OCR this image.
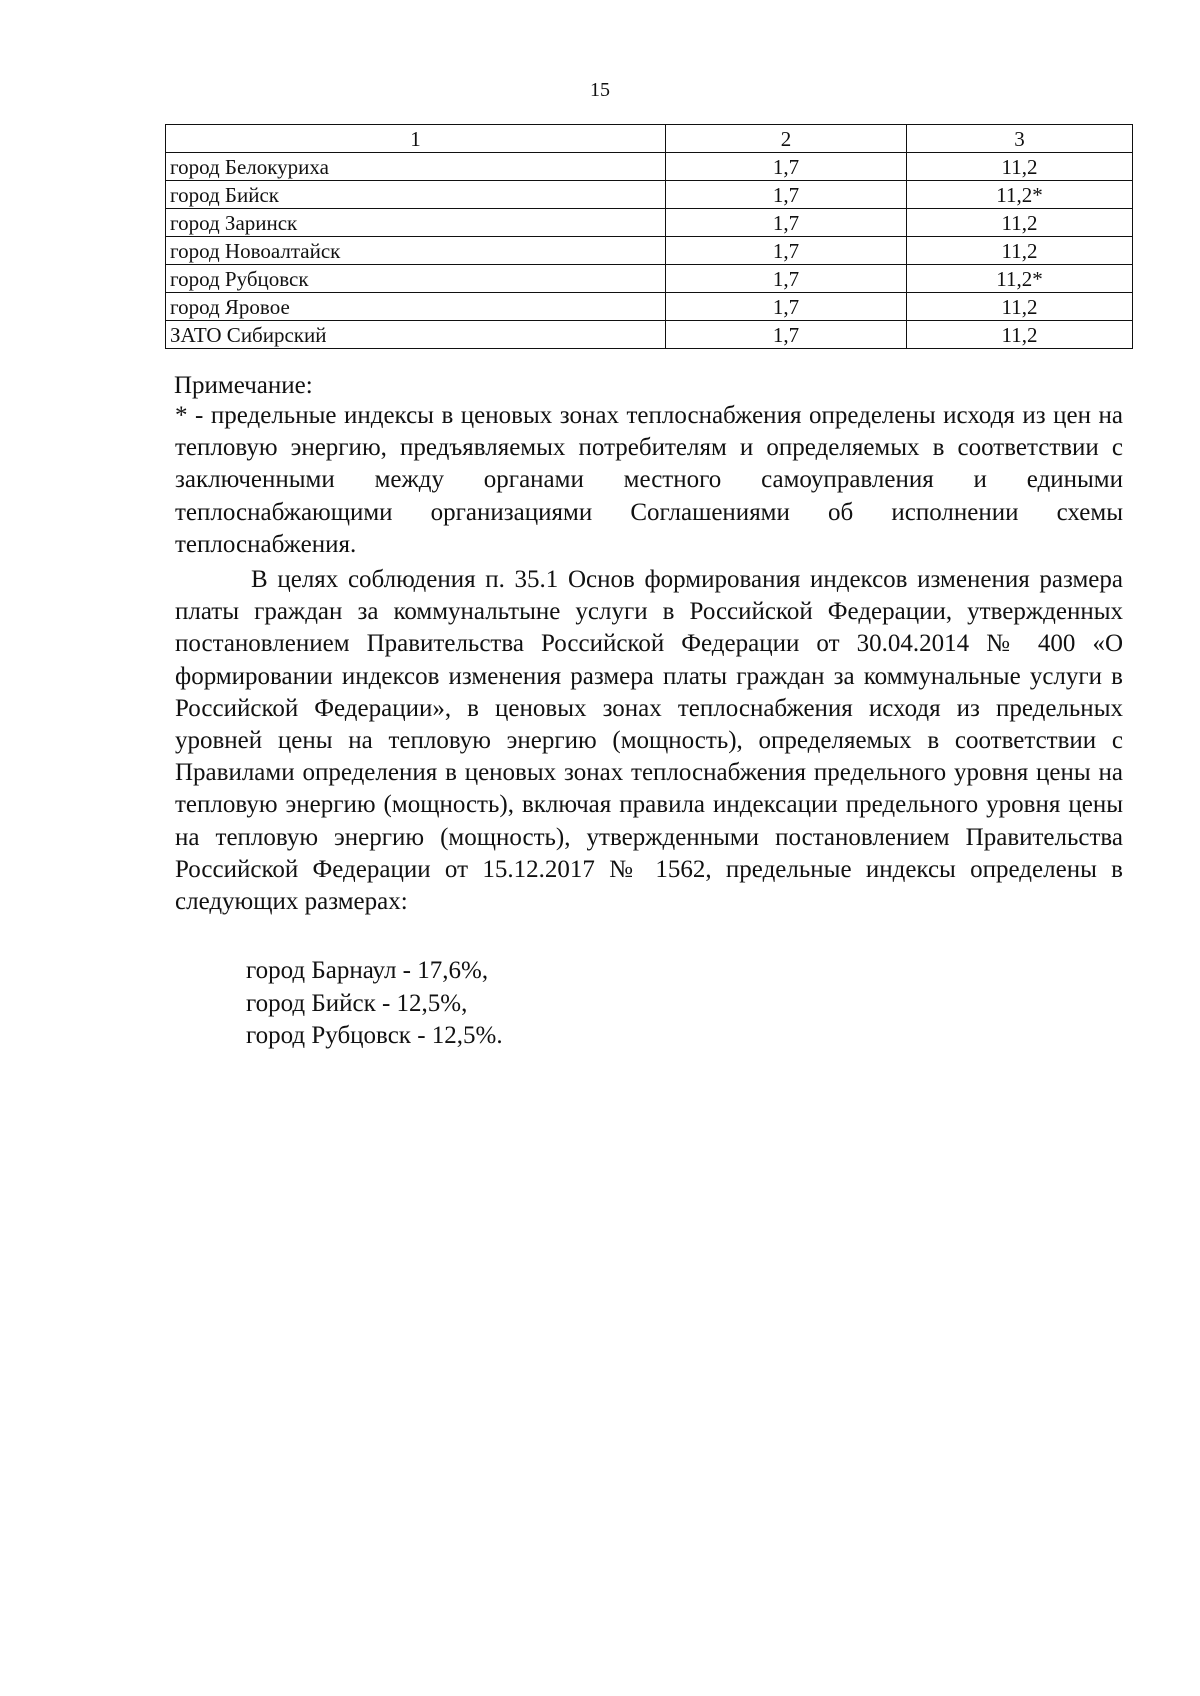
15
1	2	3
город Белокуриха	1,7	11,2
город Бийск	1,7	11,2*
город Заринск	1,7	11,2
город Новоалтайск	1,7	11,2
город Рубцовск	1,7	11,2*
город Яровое	1,7	11,2
ЗАТО Сибирский	1,7	11,2
Примечание:
* - предельные индексы в ценовых зонах теплоснабжения определены исходя из цен на тепловую энергию, предъявляемых потребителям и определяемых в соответствии с заключенными между органами местного самоуправления и едиными теплоснабжающими организациями Соглашениями об исполнении схемы теплоснабжения.
В целях соблюдения п. 35.1 Основ формирования индексов изменения размера платы граждан за коммунальтыне услуги в Российской Федерации, утвержденных постановлением Правительства Российской Федерации от 30.04.2014 № 400 «О формировании индексов изменения размера платы граждан за коммунальные услуги в Российской Федерации», в ценовых зонах теплоснабжения исходя из предельных уровней цены на тепловую энергию (мощность), определяемых в соответствии с Правилами определения в ценовых зонах теплоснабжения предельного уровня цены на тепловую энергию (мощность), включая правила индексации предельного уровня цены на тепловую энергию (мощность), утвержденными постановлением Правительства Российской Федерации от 15.12.2017 № 1562, предельные индексы определены в следующих размерах:
город Барнаул - 17,6%,
город Бийск - 12,5%,
город Рубцовск - 12,5%.
